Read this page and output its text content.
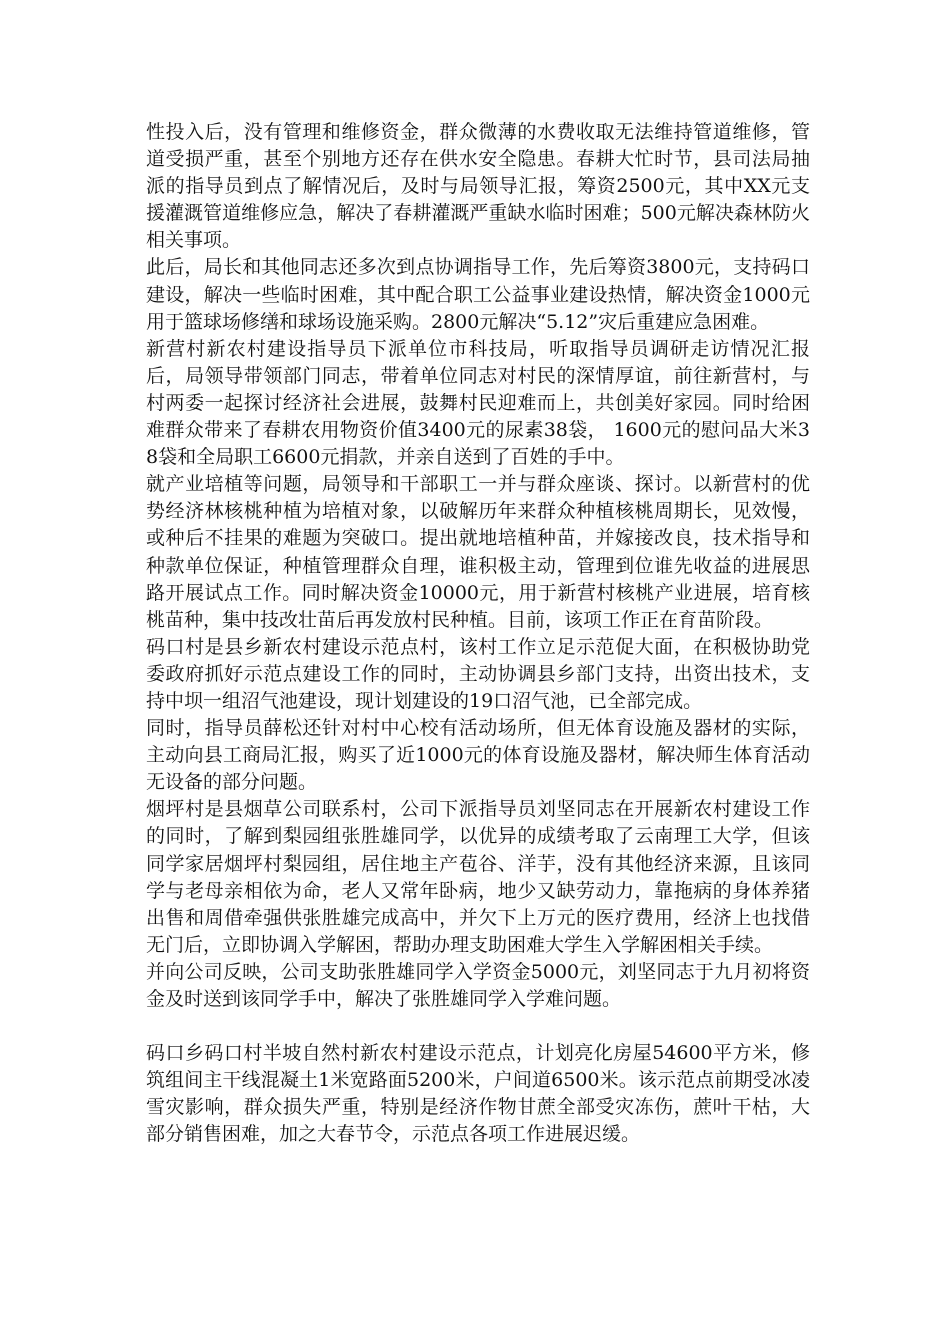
性投入后，没有管理和维修资金，群众微薄的水费收取无法维持管道维修，管道受损严重，甚至个别地方还存在供水安全隐患。春耕大忙时节，县司法局抽派的指导员到点了解情况后，及时与局领导汇报，筹资2500元，其中XX元支援灌溉管道维修应急，解决了春耕灌溉严重缺水临时困难；500元解决森林防火相关事项。

此后，局长和其他同志还多次到点协调指导工作，先后筹资3800元，支持码口建设，解决一些临时困难，其中配合职工公益事业建设热情，解决资金1000元用于篮球场修缮和球场设施采购。2800元解决“5.12”灾后重建应急困难。

新营村新农村建设指导员下派单位市科技局，听取指导员调研走访情况汇报后，局领导带领部门同志，带着单位同志对村民的深情厚谊，前往新营村，与村两委一起探讨经济社会进展，鼓舞村民迎难而上，共创美好家园。同时给困难群众带来了春耕农用物资价值3400元的尿素38袋， 1600元的慰问品大米38袋和全局职工6600元捐款，并亲自送到了百姓的手中。

就产业培植等问题，局领导和干部职工一并与群众座谈、探讨。以新营村的优势经济林核桃种植为培植对象，以破解历年来群众种植核桃周期长，见效慢，或种后不挂果的难题为突破口。提出就地培植种苗，并嫁接改良，技术指导和种款单位保证，种植管理群众自理，谁积极主动，管理到位谁先收益的进展思路开展试点工作。同时解决资金10000元，用于新营村核桃产业进展，培育核桃苗种，集中技改壮苗后再发放村民种植。目前，该项工作正在育苗阶段。

码口村是县乡新农村建设示范点村，该村工作立足示范促大面，在积极协助党委政府抓好示范点建设工作的同时，主动协调县乡部门支持，出资出技术，支持中坝一组沼气池建设，现计划建设的19口沼气池，已全部完成。

同时，指导员薛松还针对村中心校有活动场所，但无体育设施及器材的实际，主动向县工商局汇报，购买了近1000元的体育设施及器材，解决师生体育活动无设备的部分问题。

烟坪村是县烟草公司联系村，公司下派指导员刘坚同志在开展新农村建设工作的同时，了解到梨园组张胜雄同学，以优异的成绩考取了云南理工大学，但该同学家居烟坪村梨园组，居住地主产苞谷、洋芋，没有其他经济来源，且该同学与老母亲相依为命，老人又常年卧病，地少又缺劳动力，靠拖病的身体养猪出售和周借牵强供张胜雄完成高中，并欠下上万元的医疗费用，经济上也找借无门后，立即协调入学解困，帮助办理支助困难大学生入学解困相关手续。

并向公司反映，公司支助张胜雄同学入学资金5000元，刘坚同志于九月初将资金及时送到该同学手中，解决了张胜雄同学入学难问题。

码口乡码口村半坡自然村新农村建设示范点，计划亮化房屋54600平方米，修筑组间主干线混凝土1米宽路面5200米，户间道6500米。该示范点前期受冰凌雪灾影响，群众损失严重，特别是经济作物甘蔗全部受灾冻伤，蔗叶干枯，大部分销售困难，加之大春节令，示范点各项工作进展迟缓。
